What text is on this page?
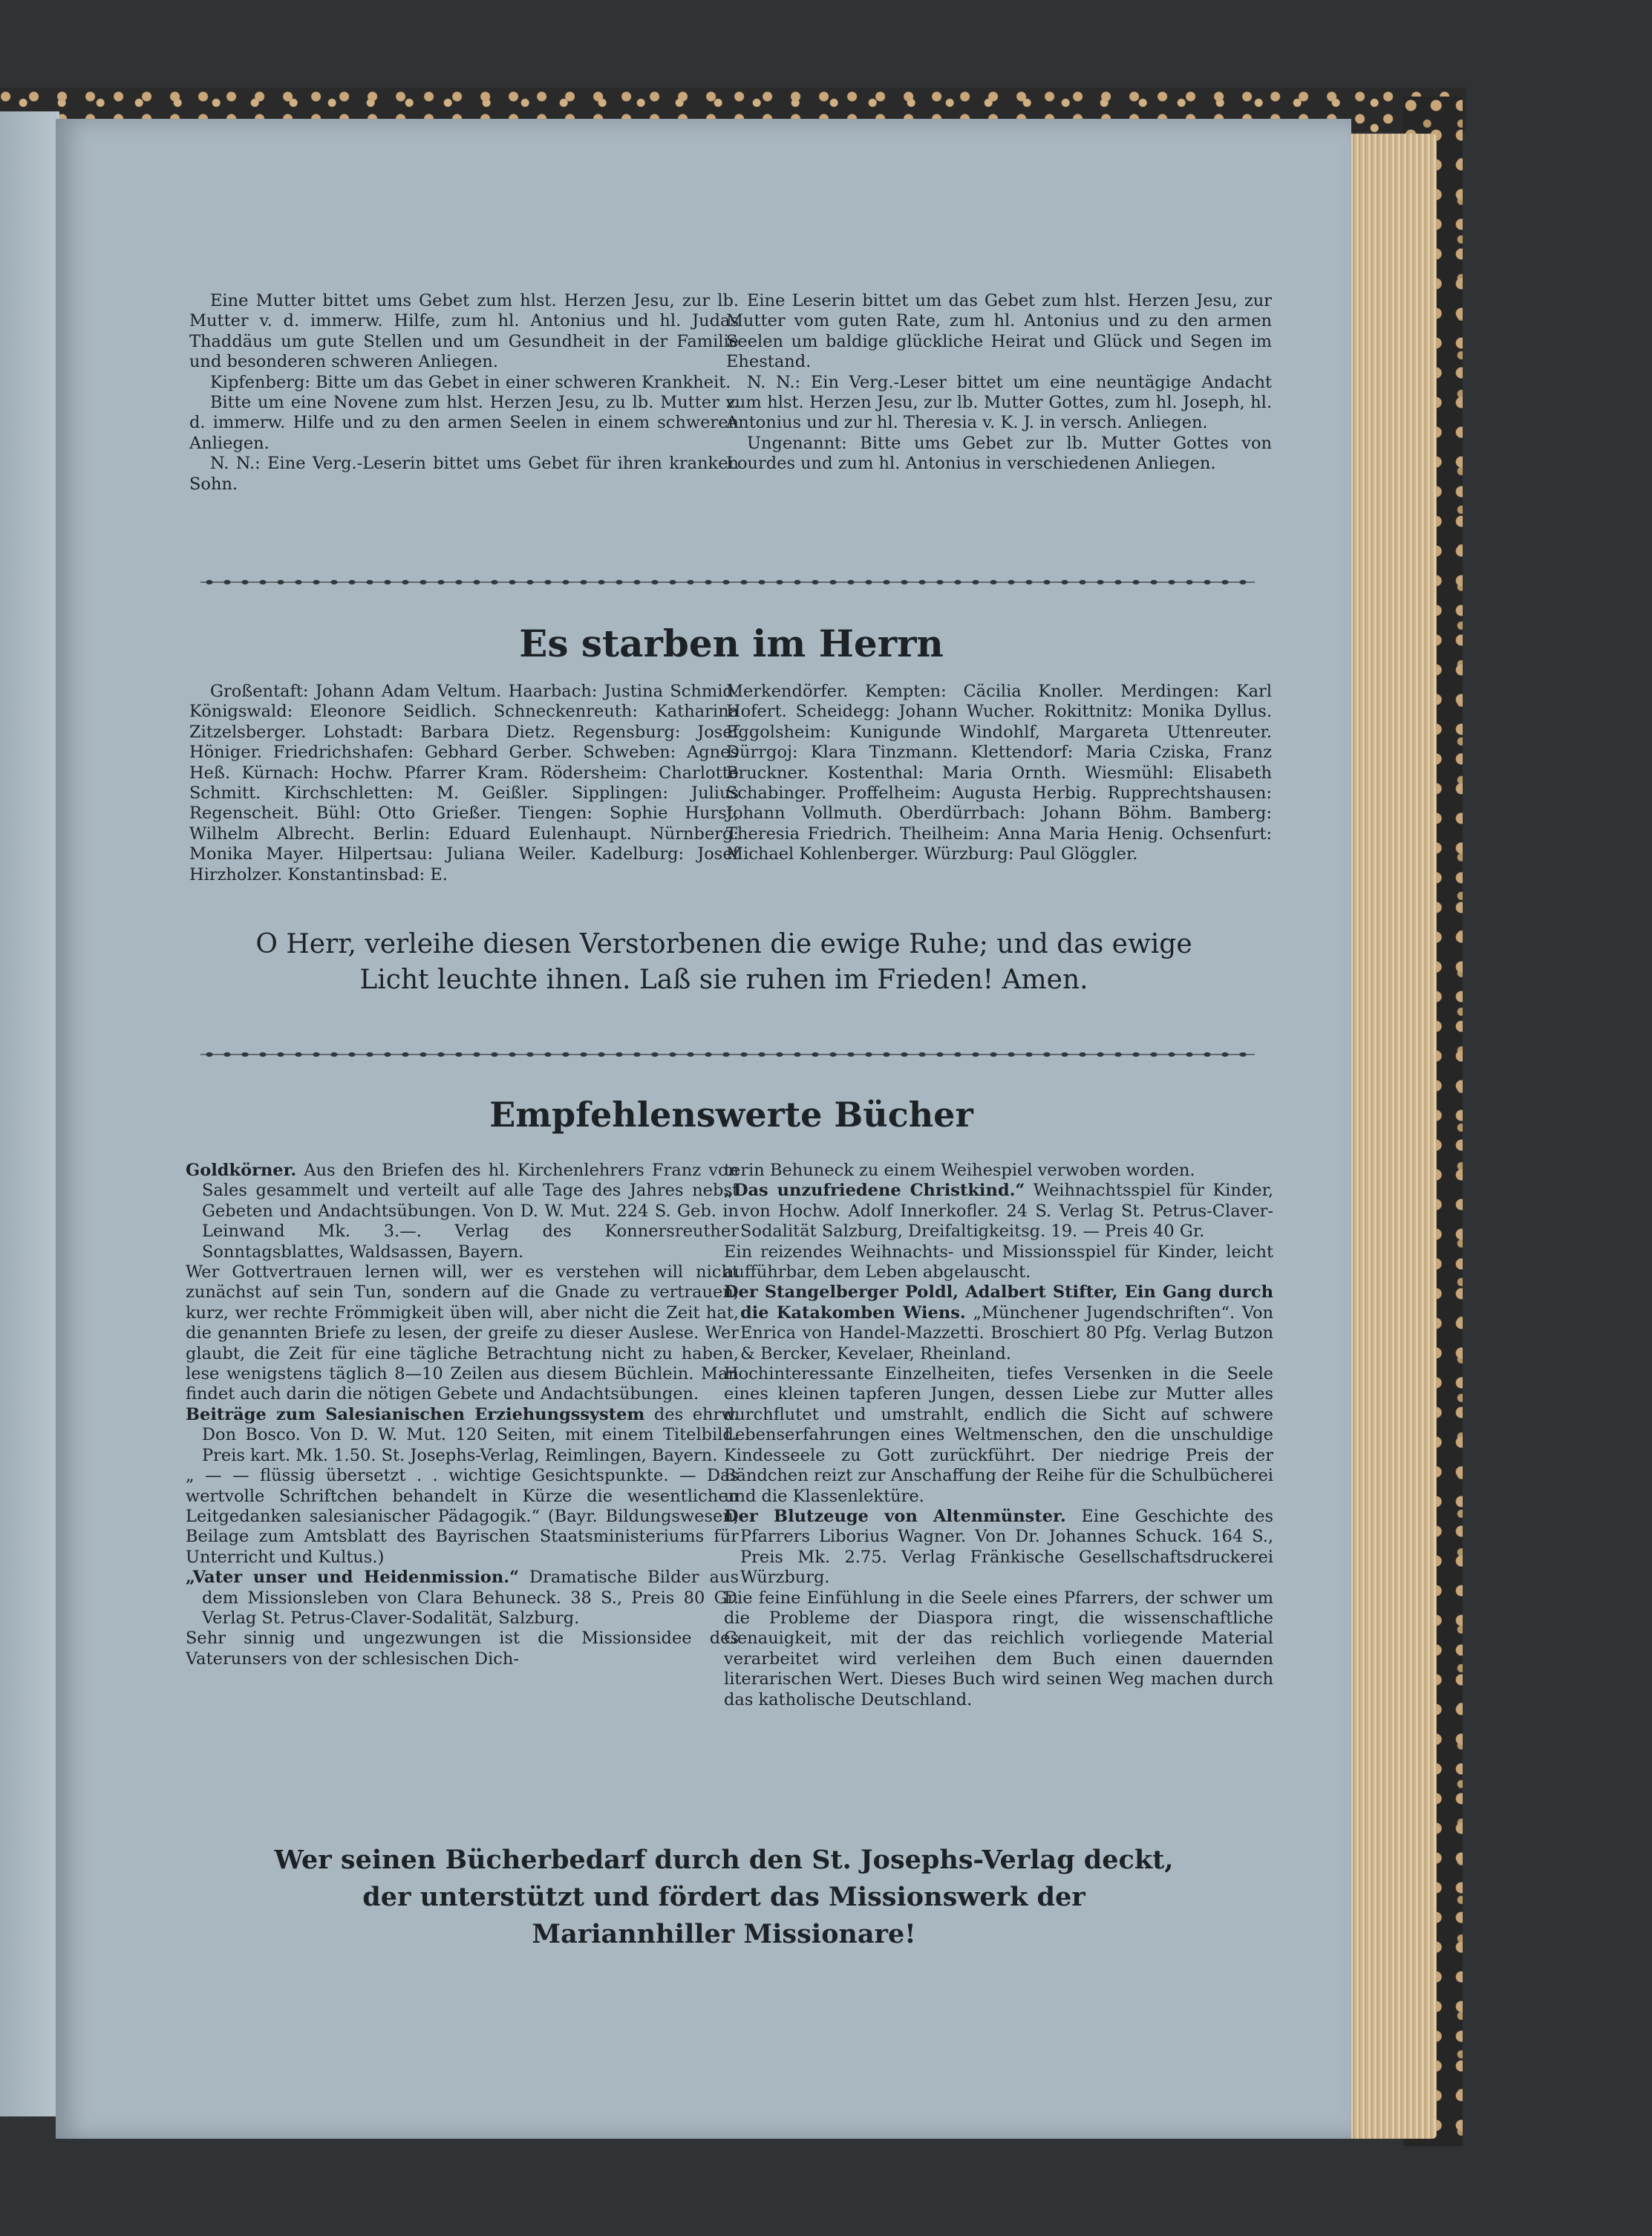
Eine Mutter bittet ums Gebet zum hlst. Herzen Jesu, zur lb. Mutter v. d. immerw. Hilfe, zum hl. Antonius und hl. Judas Thaddäus um gute Stellen und um Gesundheit in der Familie und besonderen schweren Anliegen.

Kipfenberg: Bitte um das Gebet in einer schweren Krankheit.

Bitte um eine Novene zum hlst. Herzen Jesu, zu lb. Mutter v. d. immerw. Hilfe und zu den armen Seelen in einem schweren Anliegen.

N. N.: Eine Verg.-Leserin bittet ums Gebet für ihren kranken Sohn.

Eine Leserin bittet um das Gebet zum hlst. Herzen Jesu, zur Mutter vom guten Rate, zum hl. Antonius und zu den armen Seelen um baldige glückliche Heirat und Glück und Segen im Ehestand.

N. N.: Ein Verg.-Leser bittet um eine neuntägige Andacht zum hlst. Herzen Jesu, zur lb. Mutter Gottes, zum hl. Joseph, hl. Antonius und zur hl. Theresia v. K. J. in versch. Anliegen.

Ungenannt: Bitte ums Gebet zur lb. Mutter Gottes von Lourdes und zum hl. Antonius in verschiedenen Anliegen.

Es starben im Herrn

Großentaft: Johann Adam Veltum. Haarbach: Justina Schmid. Königswald: Eleonore Seidlich. Schneckenreuth: Katharina Zitzelsberger. Lohstadt: Barbara Dietz. Regensburg: Josef Höniger. Friedrichshafen: Gebhard Gerber. Schweben: Agnes Heß. Kürnach: Hochw. Pfarrer Kram. Rödersheim: Charlotte Schmitt. Kirchschletten: M. Geißler. Sipplingen: Julius Regenscheit. Bühl: Otto Grießer. Tiengen: Sophie Hurst, Wilhelm Albrecht. Berlin: Eduard Eulenhaupt. Nürnberg: Monika Mayer. Hilpertsau: Juliana Weiler. Kadelburg: Josef Hirzholzer. Konstantinsbad: E.

Merkendörfer. Kempten: Cäcilia Knoller. Merdingen: Karl Hofert. Scheidegg: Johann Wucher. Rokittnitz: Monika Dyllus. Eggolsheim: Kunigunde Windohlf, Margareta Uttenreuter. Dürrgoj: Klara Tinzmann. Klettendorf: Maria Cziska, Franz Bruckner. Kostenthal: Maria Ornth. Wiesmühl: Elisabeth Schabinger. Proffelheim: Augusta Herbig. Rupprechtshausen: Johann Vollmuth. Oberdürrbach: Johann Böhm. Bamberg: Theresia Friedrich. Theilheim: Anna Maria Henig. Ochsenfurt: Michael Kohlenberger. Würzburg: Paul Glöggler.

O Herr, verleihe diesen Verstorbenen die ewige Ruhe; und das ewige
Licht leuchte ihnen. Laß sie ruhen im Frieden! Amen.
Empfehlenswerte Bücher

Goldkörner. Aus den Briefen des hl. Kirchenlehrers Franz von Sales gesammelt und verteilt auf alle Tage des Jahres nebst Gebeten und Andachtsübungen. Von D. W. Mut. 224 S. Geb. in Leinwand Mk. 3.—. Verlag des Konnersreuther Sonntagsblattes, Waldsassen, Bayern.

Wer Gottvertrauen lernen will, wer es verstehen will nicht zunächst auf sein Tun, sondern auf die Gnade zu vertrauen, kurz, wer rechte Frömmigkeit üben will, aber nicht die Zeit hat, die genannten Briefe zu lesen, der greife zu dieser Auslese. Wer glaubt, die Zeit für eine tägliche Betrachtung nicht zu haben, lese wenigstens täglich 8—10 Zeilen aus diesem Büchlein. Man findet auch darin die nötigen Gebete und Andachtsübungen.

Beiträge zum Salesianischen Erziehungssystem des ehrw. Don Bosco. Von D. W. Mut. 120 Seiten, mit einem Titelbild. Preis kart. Mk. 1.50. St. Josephs-Verlag, Reimlingen, Bayern.

„ — — flüssig übersetzt . . wichtige Gesichtspunkte. — Das wertvolle Schriftchen behandelt in Kürze die wesentlichen Leitgedanken salesianischer Pädagogik.“ (Bayr. Bildungswesen, Beilage zum Amtsblatt des Bayrischen Staatsministeriums für Unterricht und Kultus.)

„Vater unser und Heidenmission.“ Dramatische Bilder aus dem Missionsleben von Clara Behuneck. 38 S., Preis 80 Gr. Verlag St. Petrus-Claver-Sodalität, Salzburg.

Sehr sinnig und ungezwungen ist die Missionsidee des Vaterunsers von der schlesischen Dich-

terin Behuneck zu einem Weihespiel verwoben worden.

„Das unzufriedene Christkind.“ Weihnachtsspiel für Kinder, von Hochw. Adolf Innerkofler. 24 S. Verlag St. Petrus-Claver-Sodalität Salzburg, Dreifaltigkeitsg. 19. — Preis 40 Gr.

Ein reizendes Weihnachts- und Missionsspiel für Kinder, leicht aufführbar, dem Leben abgelauscht.

Der Stangelberger Poldl, Adalbert Stifter, Ein Gang durch die Katakomben Wiens. „Münchener Jugendschriften“. Von Enrica von Handel-Mazzetti. Broschiert 80 Pfg. Verlag Butzon & Bercker, Kevelaer, Rheinland.

Hochinteressante Einzelheiten, tiefes Versenken in die Seele eines kleinen tapferen Jungen, dessen Liebe zur Mutter alles durchflutet und umstrahlt, endlich die Sicht auf schwere Lebenserfahrungen eines Weltmenschen, den die unschuldige Kindesseele zu Gott zurückführt. Der niedrige Preis der Bändchen reizt zur Anschaffung der Reihe für die Schulbücherei und die Klassenlektüre.

Der Blutzeuge von Altenmünster. Eine Geschichte des Pfarrers Liborius Wagner. Von Dr. Johannes Schuck. 164 S., Preis Mk. 2.75. Verlag Fränkische Gesellschaftsdruckerei Würzburg.

Die feine Einfühlung in die Seele eines Pfarrers, der schwer um die Probleme der Diaspora ringt, die wissenschaftliche Genauigkeit, mit der das reichlich vorliegende Material verarbeitet wird verleihen dem Buch einen dauernden literarischen Wert. Dieses Buch wird seinen Weg machen durch das katholische Deutschland.

Wer seinen Bücherbedarf durch den St. Josephs-Verlag deckt,
der unterstützt und fördert das Missionswerk der
Mariannhiller Missionare!
